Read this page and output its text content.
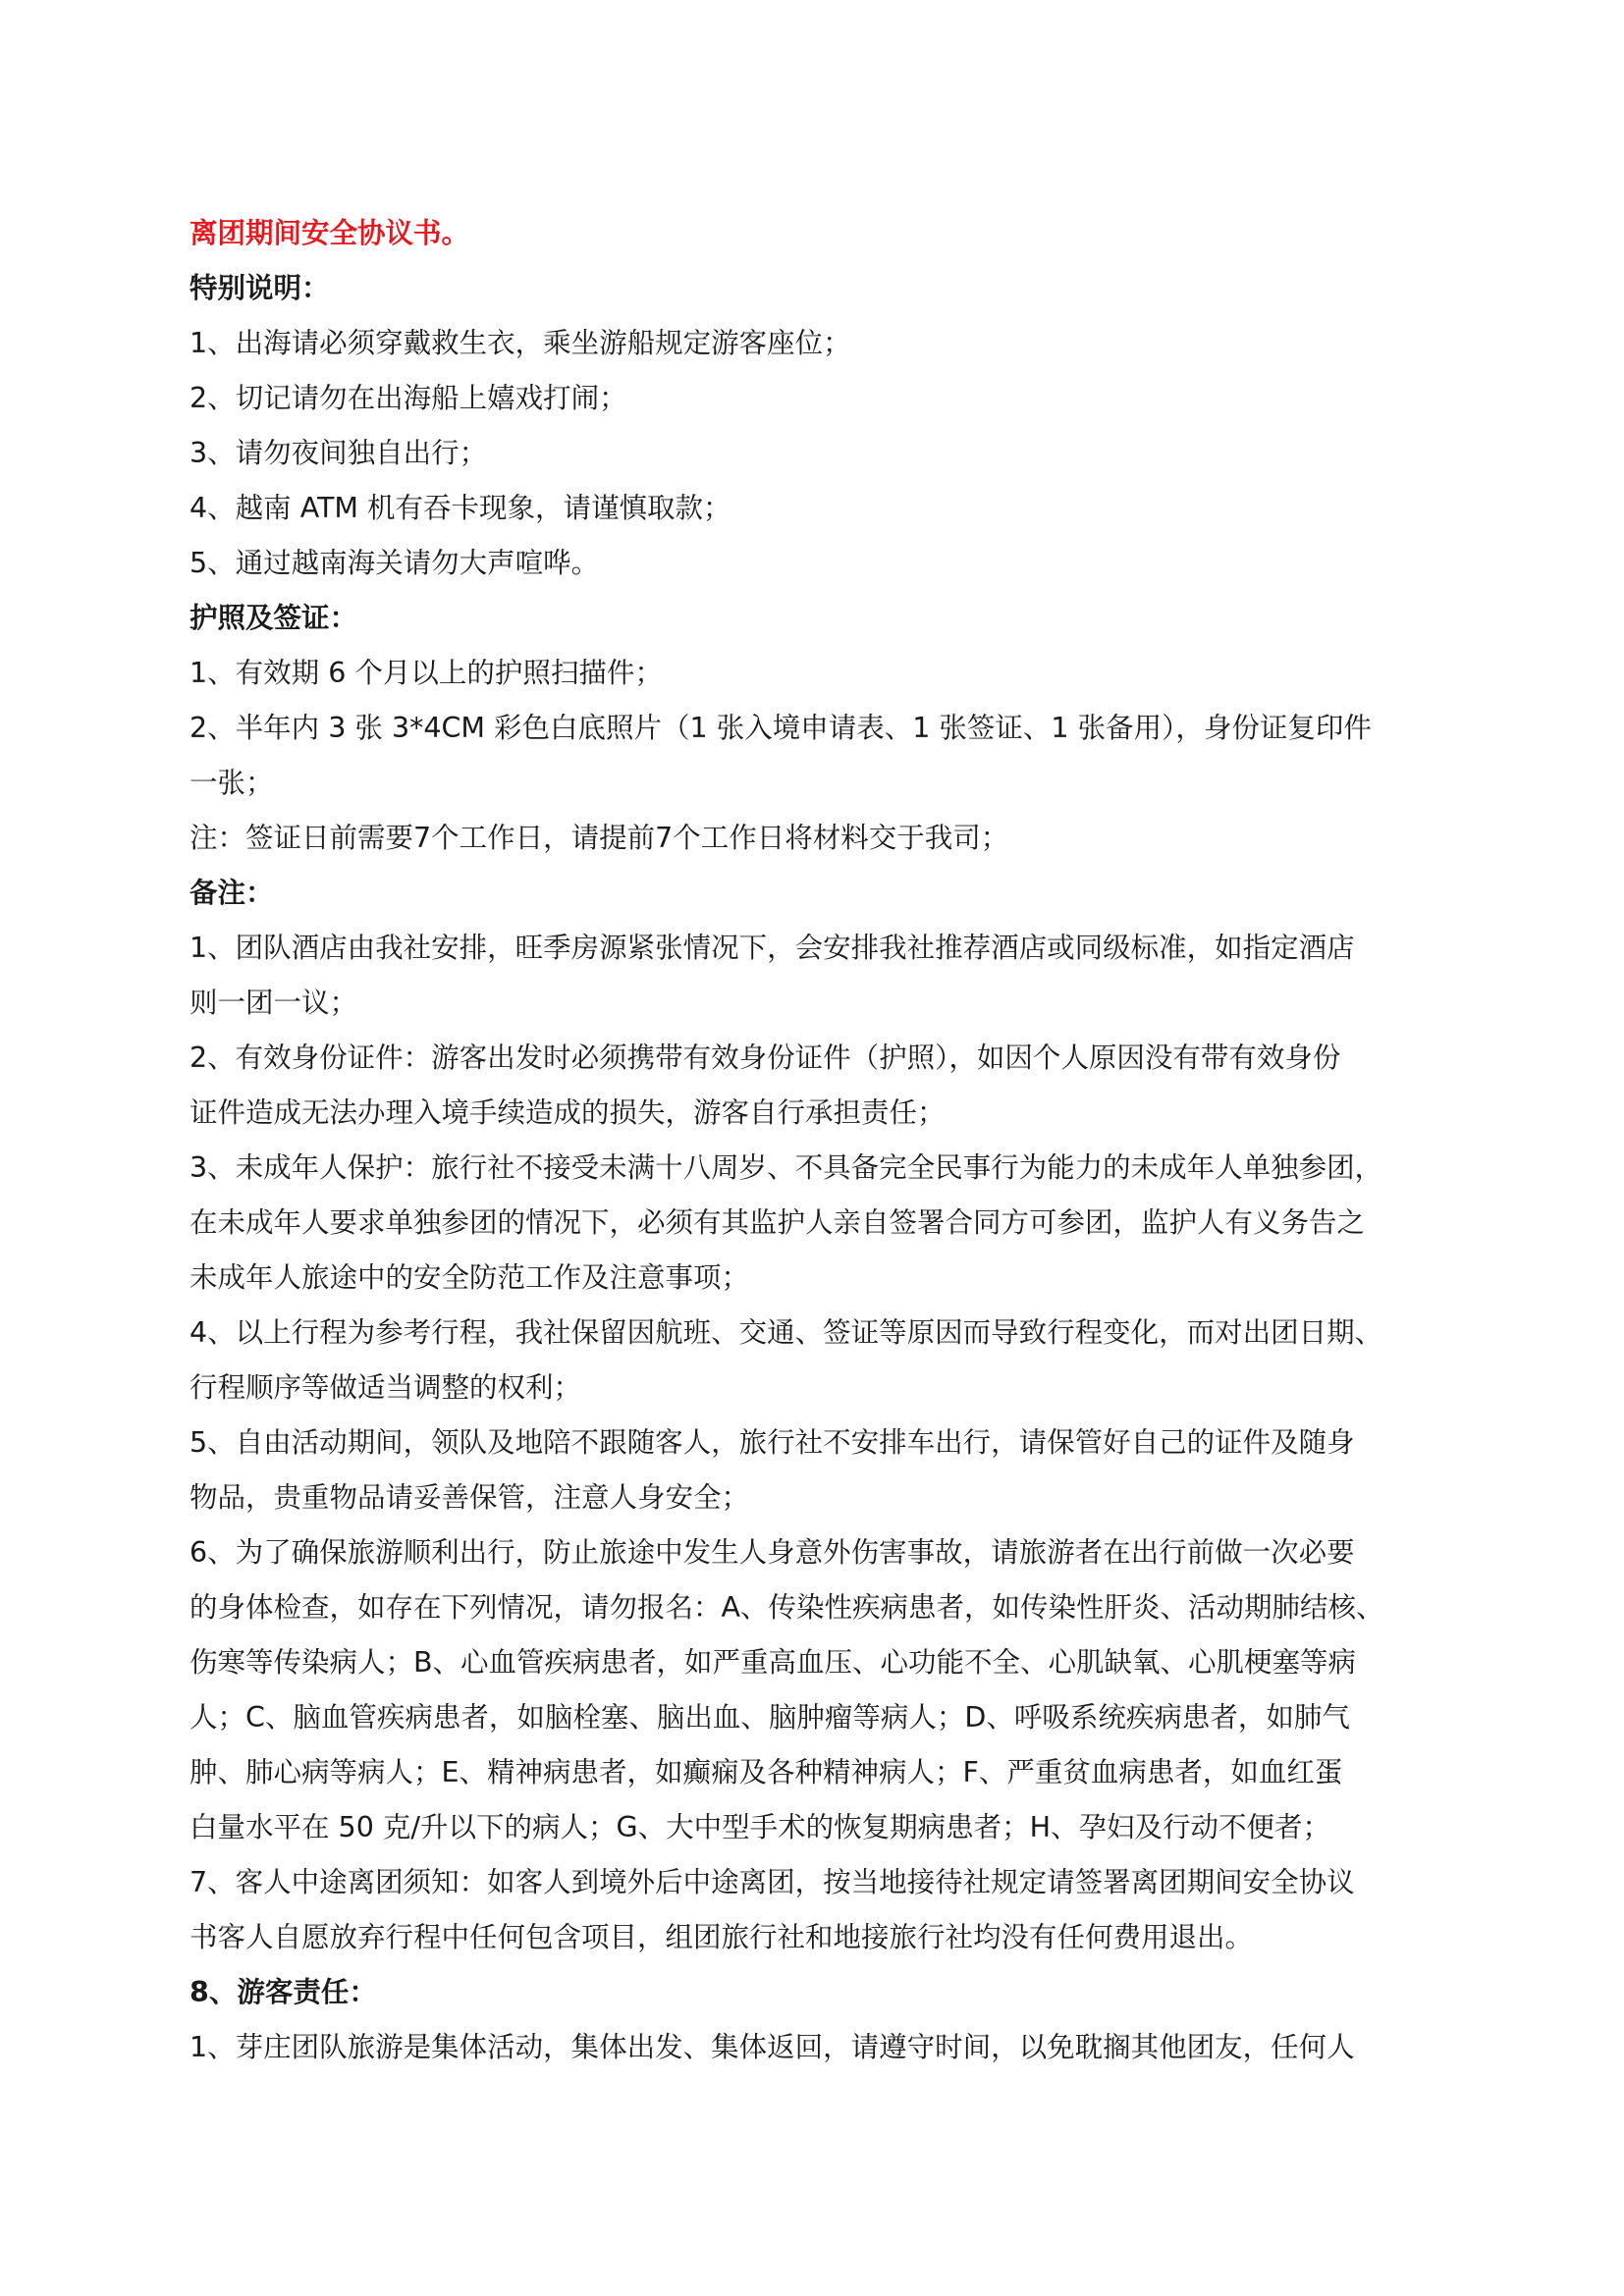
离团期间安全协议书。

特别说明：

1、出海请必须穿戴救生衣，乘坐游船规定游客座位；

2、切记请勿在出海船上嬉戏打闹；

3、请勿夜间独自出行；

4、越南 ATM 机有吞卡现象，请谨慎取款；

5、通过越南海关请勿大声喧哗。

护照及签证：

1、有效期 6 个月以上的护照扫描件；

2、半年内 3 张 3*4CM 彩色白底照片（1 张入境申请表、1 张签证、1 张备用），身份证复印件

一张；

注：签证日前需要7个工作日，请提前7个工作日将材料交于我司；

备注：

1、团队酒店由我社安排，旺季房源紧张情况下，会安排我社推荐酒店或同级标准，如指定酒店

则一团一议；

2、有效身份证件：游客出发时必须携带有效身份证件（护照），如因个人原因没有带有效身份

证件造成无法办理入境手续造成的损失，游客自行承担责任；

3、未成年人保护：旅行社不接受未满十八周岁、不具备完全民事行为能力的未成年人单独参团，

在未成年人要求单独参团的情况下，必须有其监护人亲自签署合同方可参团，监护人有义务告之

未成年人旅途中的安全防范工作及注意事项；

4、以上行程为参考行程，我社保留因航班、交通、签证等原因而导致行程变化，而对出团日期、

行程顺序等做适当调整的权利；

5、自由活动期间，领队及地陪不跟随客人，旅行社不安排车出行，请保管好自己的证件及随身

物品，贵重物品请妥善保管，注意人身安全；

6、为了确保旅游顺利出行，防止旅途中发生人身意外伤害事故，请旅游者在出行前做一次必要

的身体检查，如存在下列情况，请勿报名：A、传染性疾病患者，如传染性肝炎、活动期肺结核、

伤寒等传染病人；B、心血管疾病患者，如严重高血压、心功能不全、心肌缺氧、心肌梗塞等病

人；C、脑血管疾病患者，如脑栓塞、脑出血、脑肿瘤等病人；D、呼吸系统疾病患者，如肺气

肿、肺心病等病人；E、精神病患者，如癫痫及各种精神病人；F、严重贫血病患者，如血红蛋

白量水平在 50 克/升以下的病人；G、大中型手术的恢复期病患者；H、孕妇及行动不便者；

7、客人中途离团须知：如客人到境外后中途离团，按当地接待社规定请签署离团期间安全协议

书客人自愿放弃行程中任何包含项目，组团旅行社和地接旅行社均没有任何费用退出。

8、游客责任：

1、芽庄团队旅游是集体活动，集体出发、集体返回，请遵守时间，以免耽搁其他团友，任何人
